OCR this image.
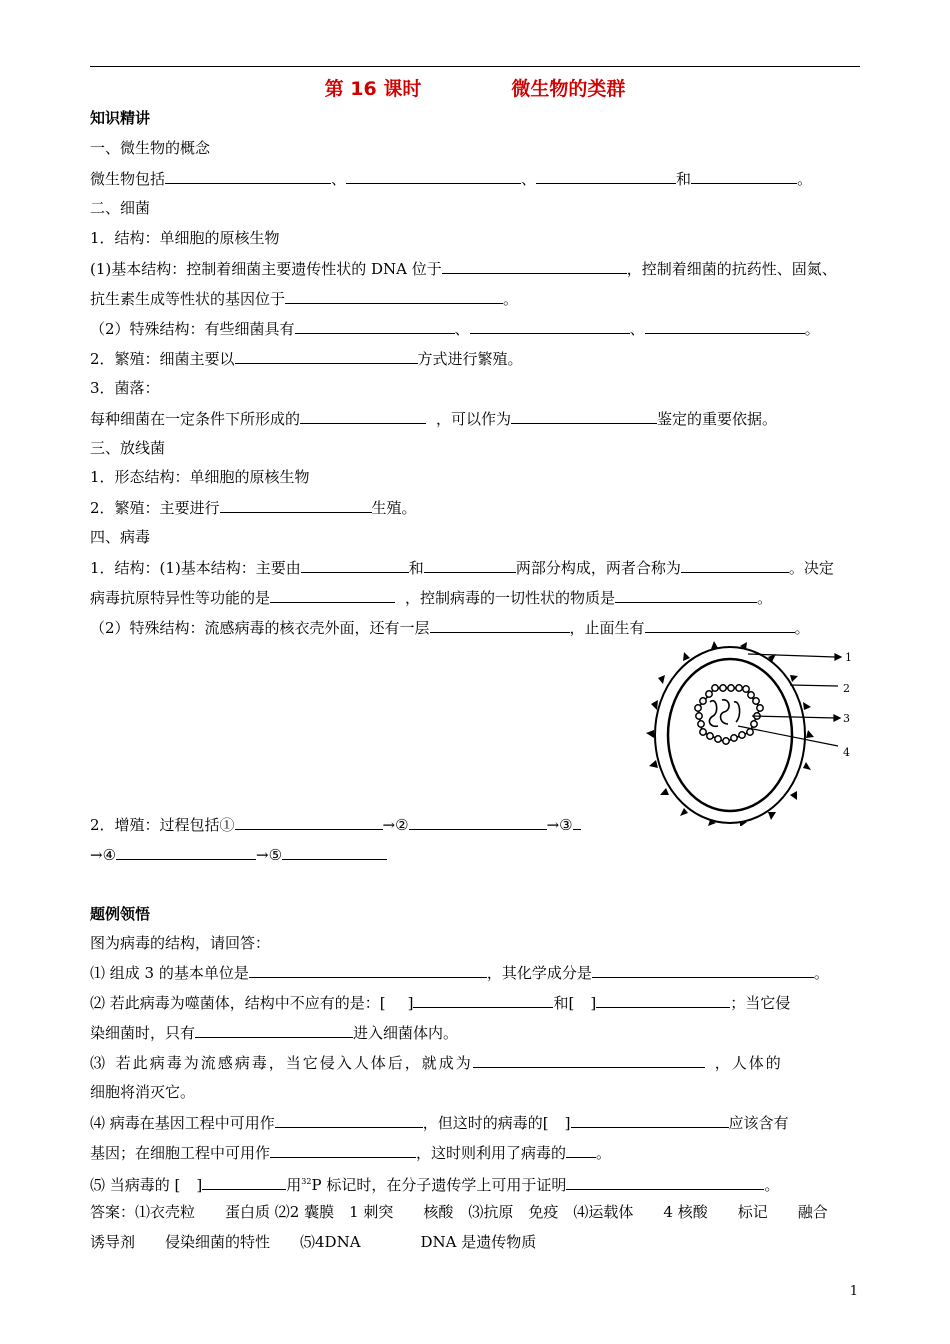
第 16 课时	微生物的类群
知识精讲
一、微生物的概念
微生物包括	、	、	和	。
二、细菌
1．结构：单细胞的原核生物
(1)基本结构：控制着细菌主要遗传性状的 DNA 位于	，控制着细菌的抗药性、固氮、
抗生素生成等性状的基因位于	。
（2）特殊结构：有些细菌具有	、	、	。
2．繁殖：细菌主要以	方式进行繁殖。
3．菌落：
每种细菌在一定条件下所形成的	，可以作为	鉴定的重要依据。
三、放线菌
1．形态结构：单细胞的原核生物
2．繁殖：主要进行	生殖。
四、病毒
1．结构：(1)基本结构：主要由	和	两部分构成，两者合称为	。决定
病毒抗原特异性等功能的是	，控制病毒的一切性状的物质是	。
（2）特殊结构：流感病毒的核衣壳外面，还有一层	，止面生有	。
1
2
3
4
2．增殖：过程包括①	→②	→③
→④	→⑤
题例领悟
图为病毒的结构，请回答：
⑴ 组成 3 的基本单位是	，其化学成分是	。
⑵ 若此病毒为噬菌体，结构中不应有的是：[ ]	和[ ]	；当它侵
染细菌时，只有	进入细菌体内。
⑶ 若此病毒为流感病毒，当它侵入人体后，就成为	，人体的
细胞将消灭它。
⑷ 病毒在基因工程中可用作	，但这时的病毒的[ ]	应该含有
基因；在细胞工程中可用作	，这时则利用了病毒的 。
⑸ 当病毒的 [ ]	用$^{32}$P 标记时，在分子遗传学上可用于证明	。
答案：⑴衣壳粒　　蛋白质 ⑵2 囊膜　1 刺突　　核酸　⑶抗原　免疫　⑷运载体　　4 核酸　　标记　　融合
诱导剂　　侵染细菌的特性　　⑸4DNA　　　　DNA 是遗传物质
1
